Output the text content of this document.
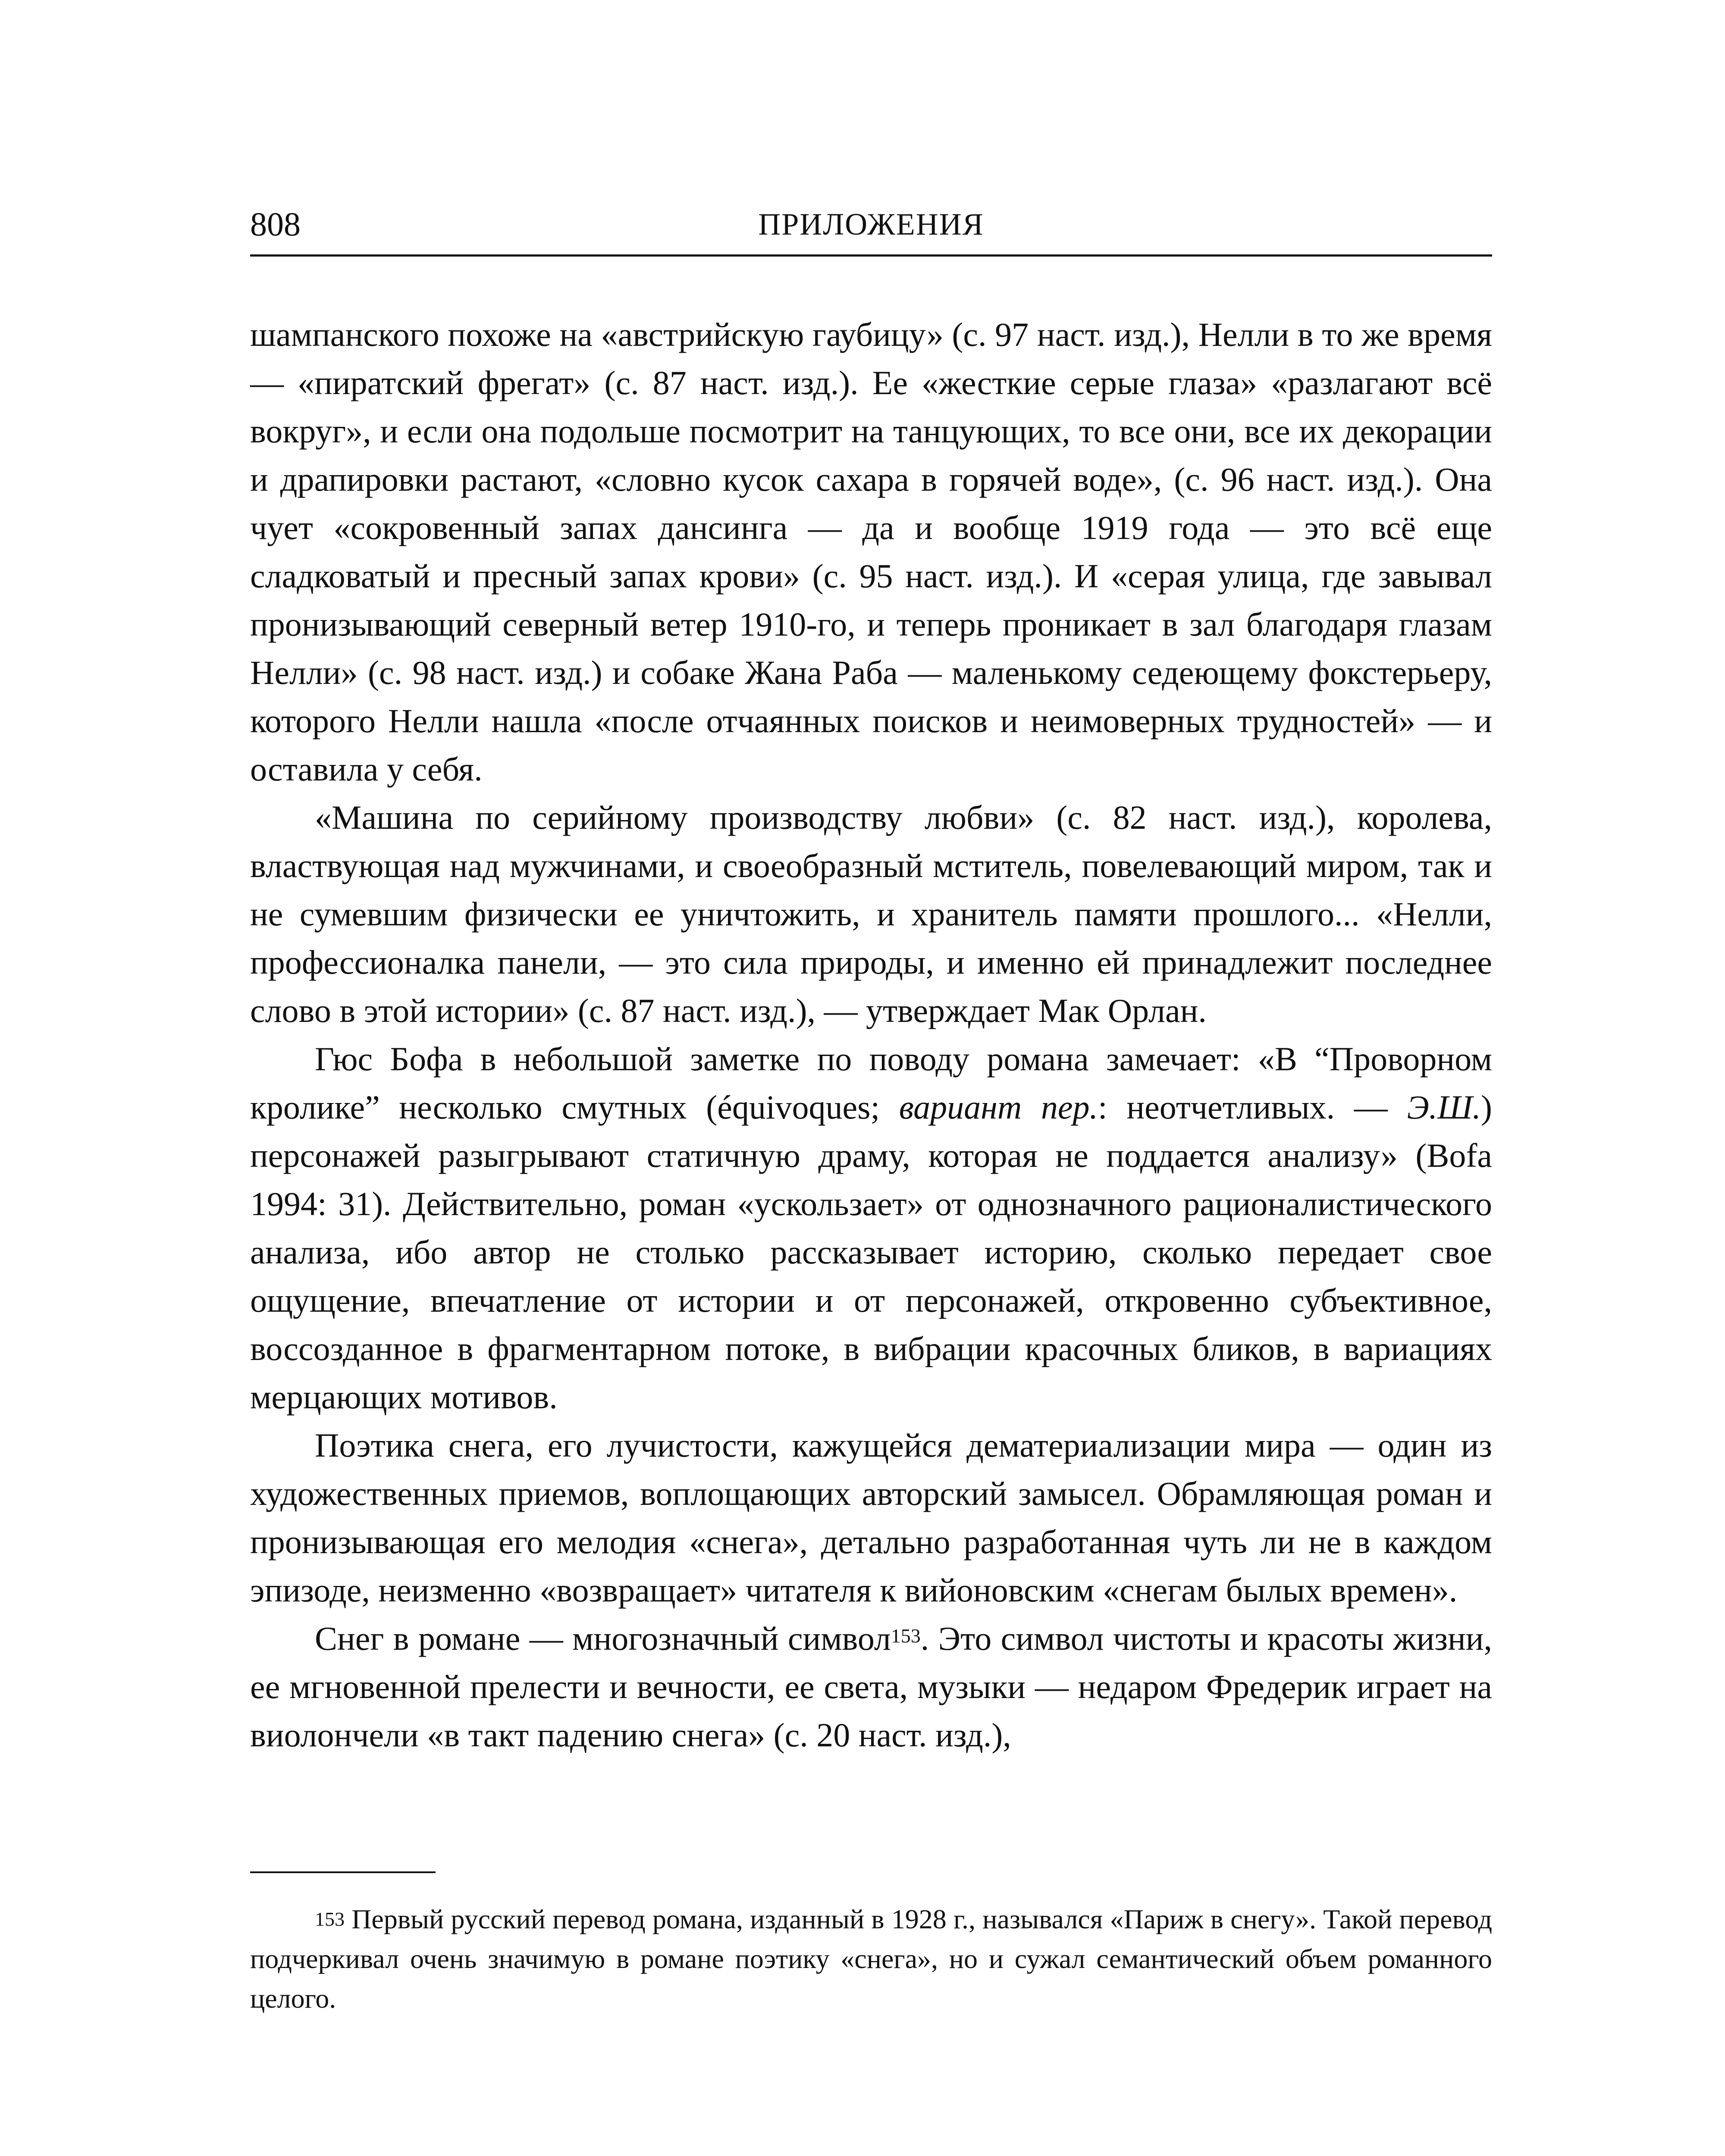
808	ПРИЛОЖЕНИЯ

шампанского похоже на «австрийскую гаубицу» (с. 97 наст. изд.), Нелли в то же время — «пиратский фрегат» (с. 87 наст. изд.). Ее «жесткие серые глаза» «разлагают всё вокруг», и если она подольше посмотрит на танцующих, то все они, все их декорации и драпировки растают, «словно кусок сахара в горячей воде», (с. 96 наст. изд.). Она чует «сокровенный запах дансинга — да и вообще 1919 года — это всё еще сладковатый и пресный запах крови» (с. 95 наст. изд.). И «серая улица, где завывал пронизывающий северный ветер 1910-го, и теперь проникает в зал благодаря глазам Нелли» (с. 98 наст. изд.) и собаке Жана Раба — маленькому седеющему фокстерьеру, которого Нелли нашла «после отчаянных поисков и неимоверных трудностей» — и оставила у себя.

«Машина по серийному производству любви» (с. 82 наст. изд.), королева, властвующая над мужчинами, и своеобразный мститель, повелевающий миром, так и не сумевшим физически ее уничтожить, и хранитель памяти прошлого... «Нелли, профессионалка панели, — это сила природы, и именно ей принадлежит последнее слово в этой истории» (с. 87 наст. изд.), — утверждает Мак Орлан.

Гюс Бофа в небольшой заметке по поводу романа замечает: «В “Проворном кролике” несколько смутных (équivoques; вариант пер.: неотчетливых. — Э.Ш.) персонажей разыгрывают статичную драму, которая не поддается анализу» (Bofa 1994: 31). Действительно, роман «ускользает» от однозначного рационалистического анализа, ибо автор не столько рассказывает историю, сколько передает свое ощущение, впечатление от истории и от персонажей, откровенно субъективное, воссозданное в фрагментарном потоке, в вибрации красочных бликов, в вариациях мерцающих мотивов.

Поэтика снега, его лучистости, кажущейся дематериализации мира — один из художественных приемов, воплощающих авторский замысел. Обрамляющая роман и пронизывающая его мелодия «снега», детально разработанная чуть ли не в каждом эпизоде, неизменно «возвращает» читателя к вийоновским «снегам былых времен».

Снег в романе — многозначный символ$^{153}$. Это символ чистоты и красоты жизни, ее мгновенной прелести и вечности, ее света, музыки — недаром Фредерик играет на виолончели «в такт падению снега» (с. 20 наст. изд.),

$^{153}$ Первый русский перевод романа, изданный в 1928 г., назывался «Париж в снегу». Такой перевод подчеркивал очень значимую в романе поэтику «снега», но и сужал семантический объем романного целого.
